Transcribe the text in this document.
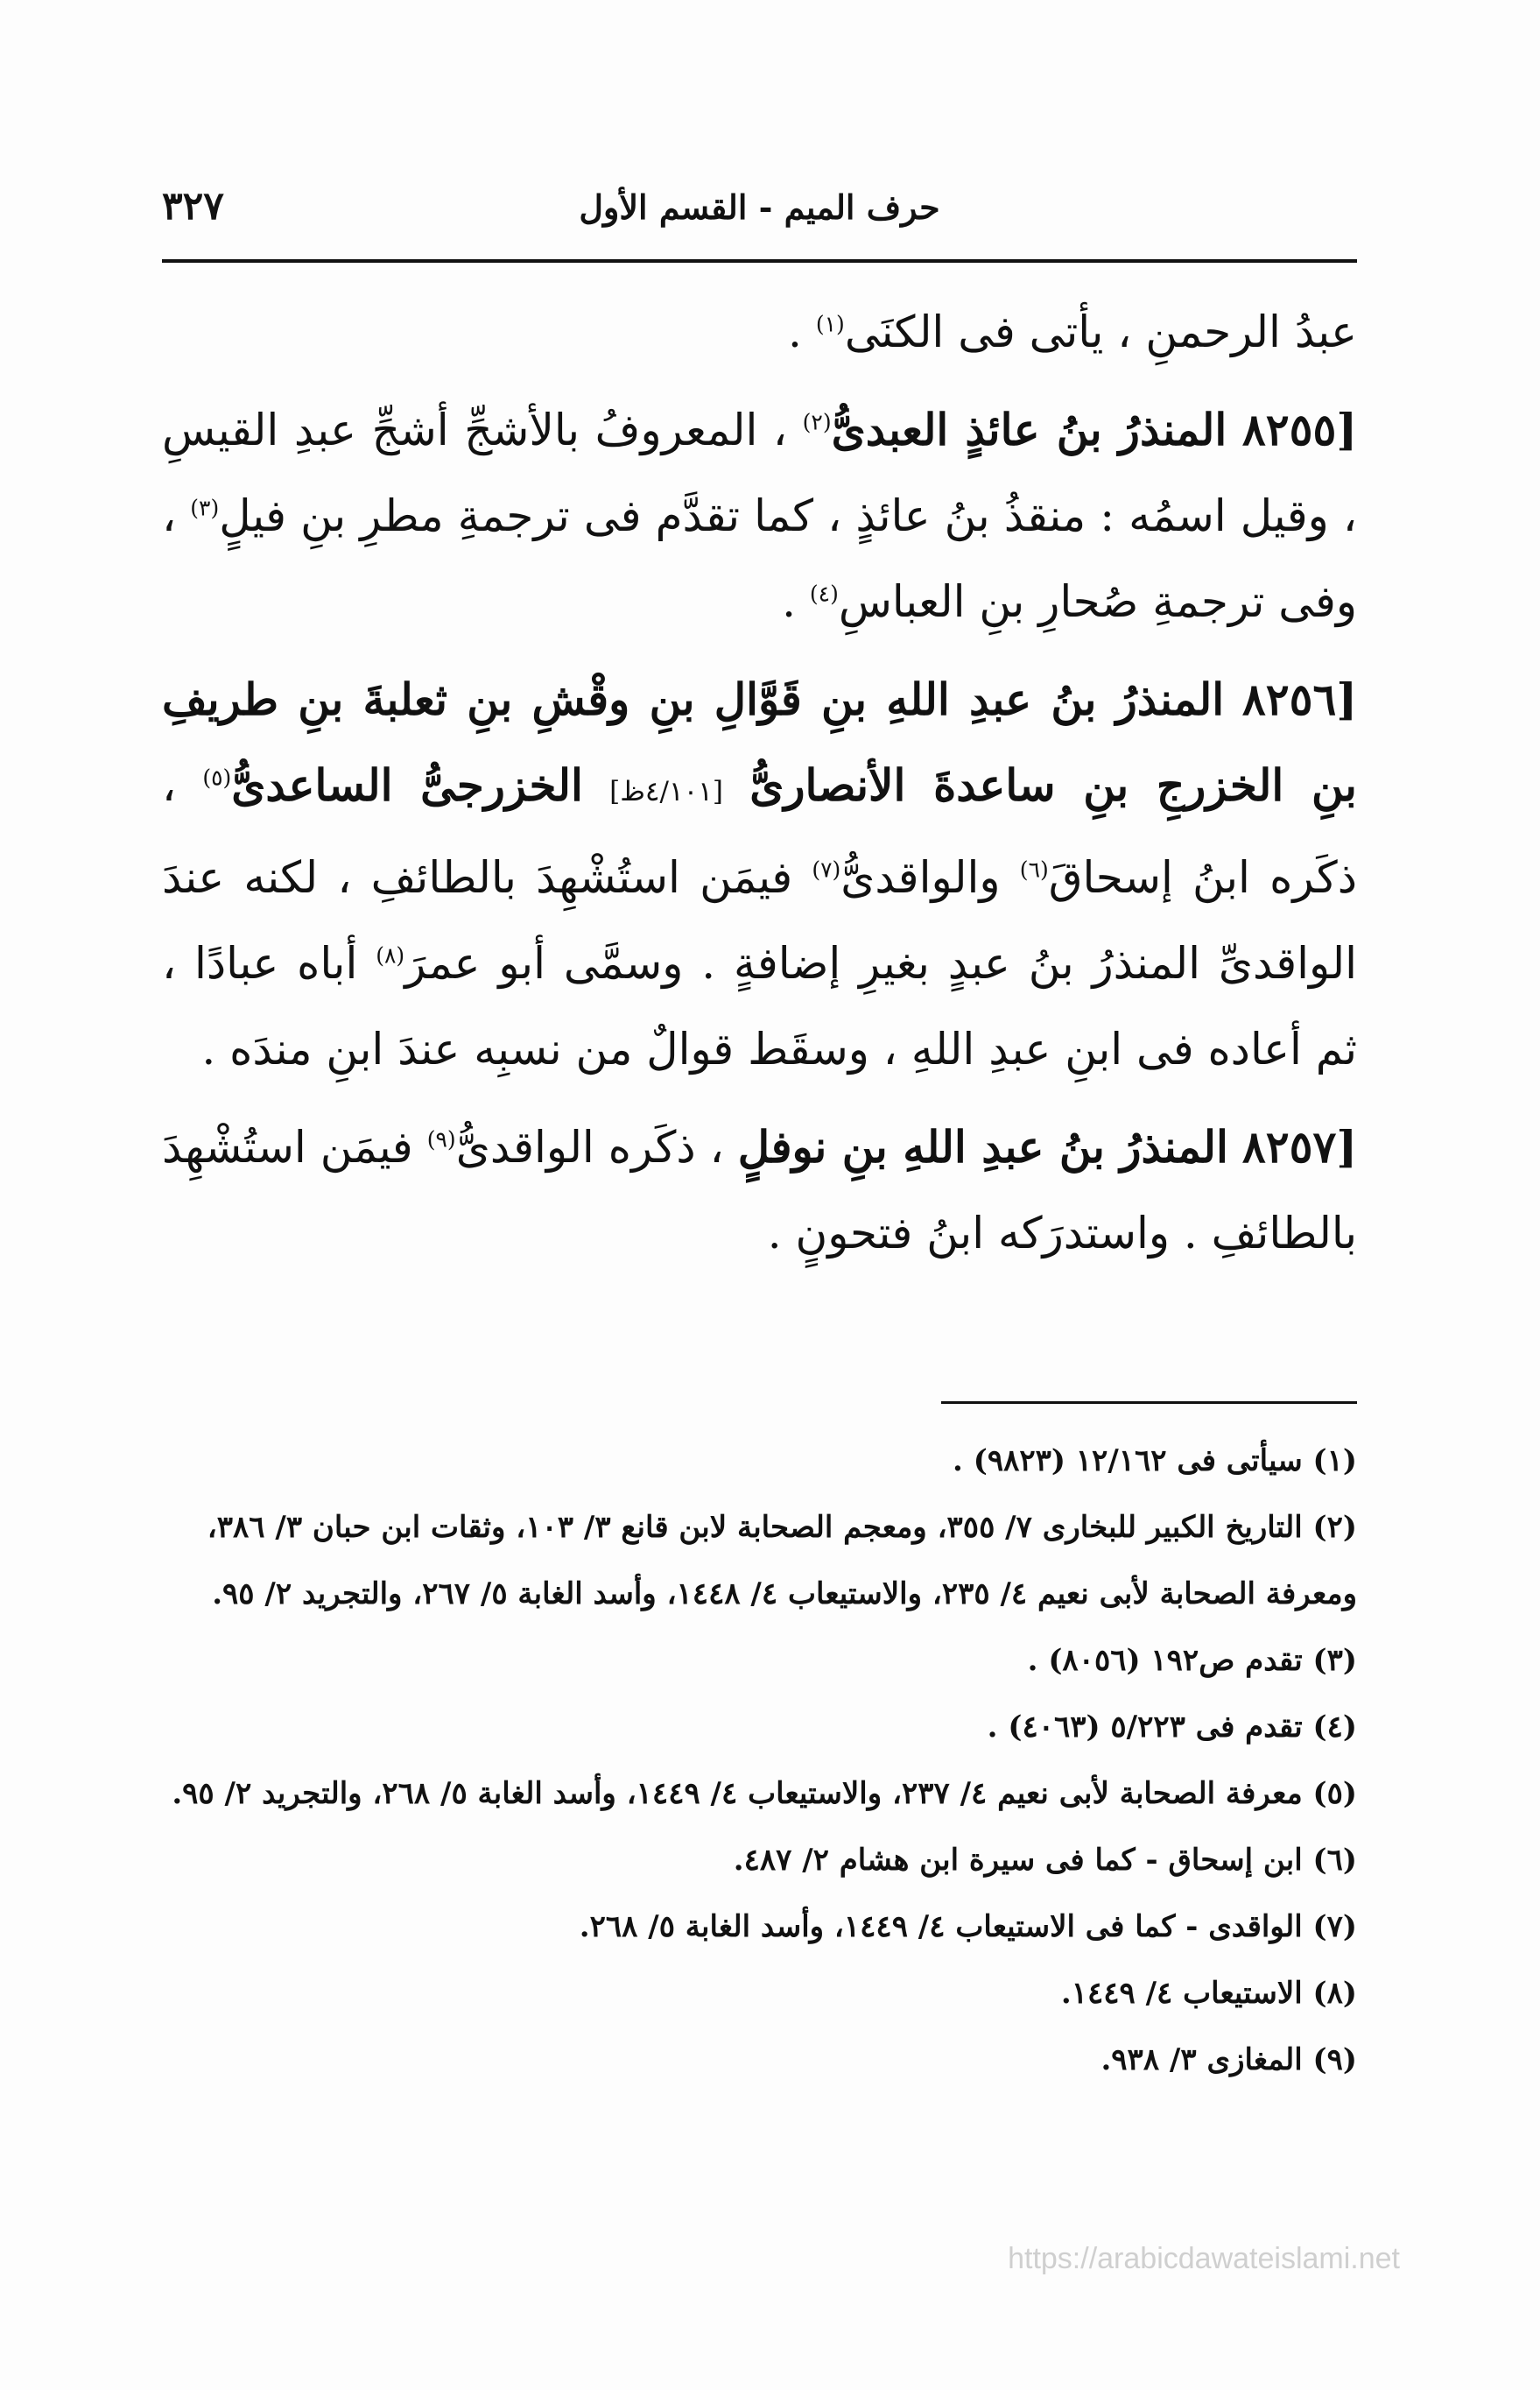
٣٢٧	حرف الميم - القسم الأول

عبدُ الرحمنِ ، يأتى فى الكنَى$^{(١)}$ .

[٨٢٥٥ المنذرُ بنُ عائذٍ العبدىُّ$^{(٢)}$ ، المعروفُ بالأشجِّ أشجِّ عبدِ القيسِ ، وقيل اسمُه : منقذُ بنُ عائذٍ ، كما تقدَّم فى ترجمةِ مطرِ بنِ فيلٍ$^{(٣)}$ ، وفى ترجمةِ صُحارِ بنِ العباسِ$^{(٤)}$ .

[٨٢٥٦ المنذرُ بنُ عبدِ اللهِ بنِ قَوَّالِ بنِ وقْشِ بنِ ثعلبةَ بنِ طريفِ بنِ الخزرجِ بنِ ساعدةَ الأنصارىُّ [٤/١٠١ظ] الخزرجىُّ الساعدىُّ$^{(٥)}$ ، ذكَره ابنُ إسحاقَ$^{(٦)}$ والواقدىُّ$^{(٧)}$ فيمَن استُشْهِدَ بالطائفِ ، لكنه عندَ الواقدىِّ المنذرُ بنُ عبدٍ بغيرِ إضافةٍ . وسمَّى أبو عمرَ$^{(٨)}$ أباه عبادًا ، ثم أعاده فى ابنِ عبدِ اللهِ ، وسقَط قوالٌ من نسبِه عندَ ابنِ مندَه .

[٨٢٥٧ المنذرُ بنُ عبدِ اللهِ بنِ نوفلٍ ، ذكَره الواقدىُّ$^{(٩)}$ فيمَن استُشْهِدَ بالطائفِ . واستدرَكه ابنُ فتحونٍ .

(١) سيأتى فى ١٢/١٦٢ (٩٨٢٣) .

(٢) التاريخ الكبير للبخارى ٧/ ٣٥٥، ومعجم الصحابة لابن قانع ٣/ ١٠٣، وثقات ابن حبان ٣/ ٣٨٦، ومعرفة الصحابة لأبى نعيم ٤/ ٢٣٥، والاستيعاب ٤/ ١٤٤٨، وأسد الغابة ٥/ ٢٦٧، والتجريد ٢/ ٩٥.

(٣) تقدم ص١٩٢ (٨٠٥٦) .

(٤) تقدم فى ٥/٢٢٣ (٤٠٦٣) .

(٥) معرفة الصحابة لأبى نعيم ٤/ ٢٣٧، والاستيعاب ٤/ ١٤٤٩، وأسد الغابة ٥/ ٢٦٨، والتجريد ٢/ ٩٥.

(٦) ابن إسحاق - كما فى سيرة ابن هشام ٢/ ٤٨٧.

(٧) الواقدى - كما فى الاستيعاب ٤/ ١٤٤٩، وأسد الغابة ٥/ ٢٦٨.

(٨) الاستيعاب ٤/ ١٤٤٩.

(٩) المغازى ٣/ ٩٣٨.

https://arabicdawateislami.net
